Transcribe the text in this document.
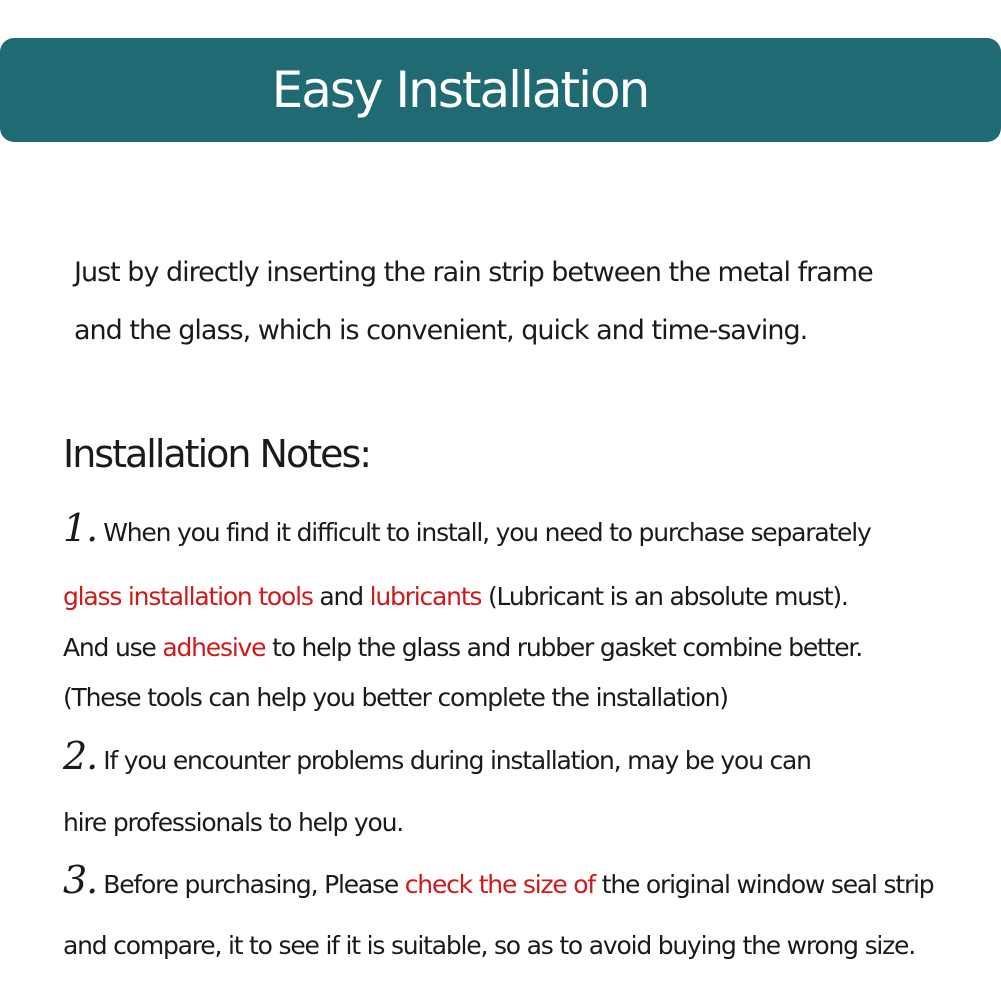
Easy Installation
Just by directly inserting the rain strip between the metal frame
and the glass, which is convenient, quick and time-saving.
Installation Notes:
1. When you find it difficult to install, you need to purchase separately
glass installation tools and lubricants (Lubricant is an absolute must).
And use adhesive to help the glass and rubber gasket combine better.
(These tools can help you better complete the installation)
2. If you encounter problems during installation, may be you can
hire professionals to help you.
3. Before purchasing, Please check the size of the original window seal strip
and compare, it to see if it is suitable, so as to avoid buying the wrong size.
